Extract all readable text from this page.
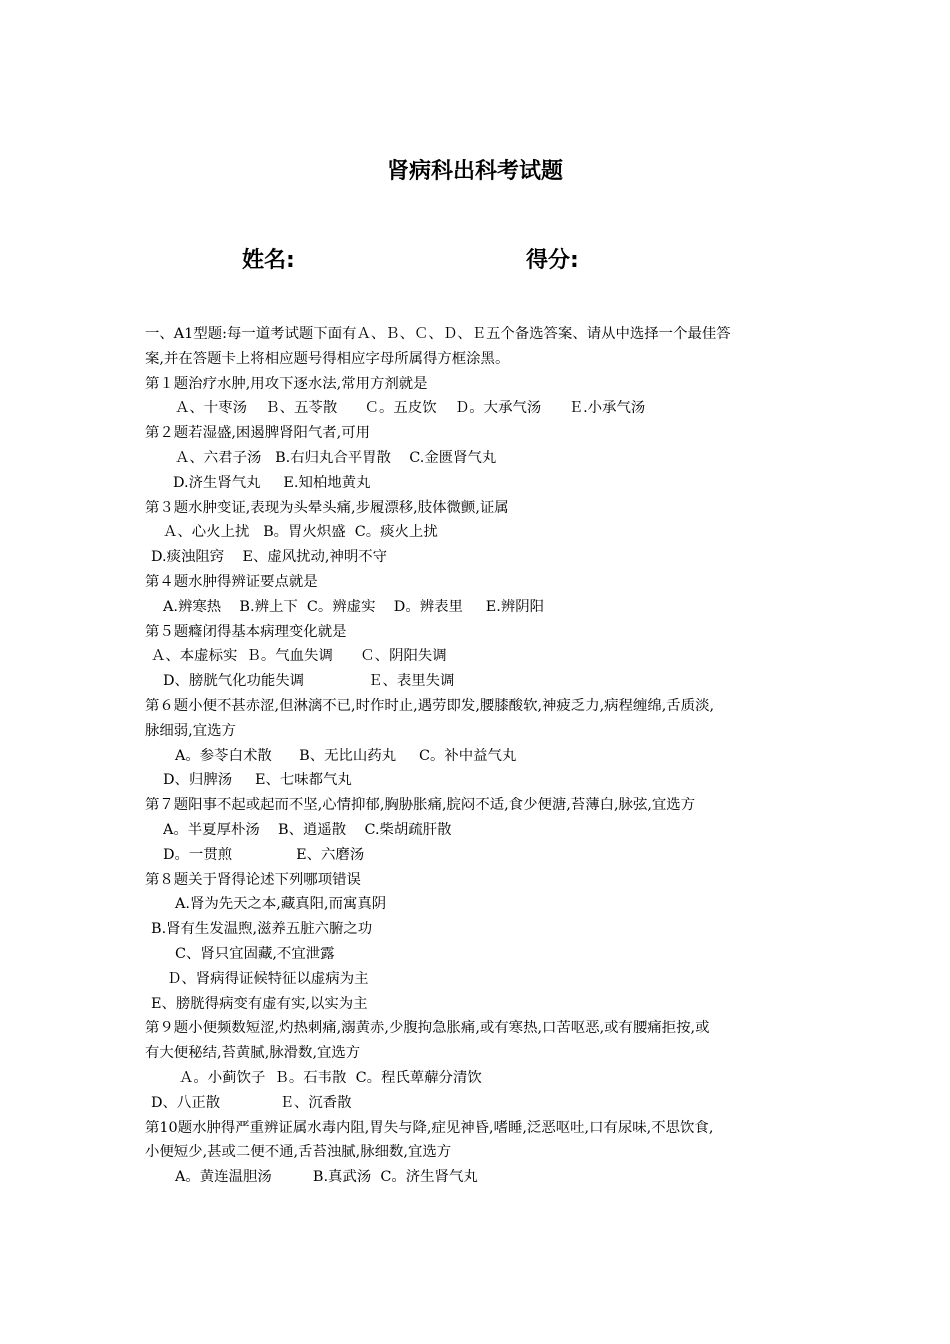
肾病科出科考试题
姓名:	得分:
一、A1型题:每一道考试题下面有Ａ、Ｂ、Ｃ、Ｄ、Ｅ五个备选答案、请从中选择一个最佳答
案,并在答题卡上将相应题号得相应字母所属得方框涂黑。
第１题治疗水肿,用攻下逐水法,常用方剂就是
Ａ、十枣汤    Ｂ、五苓散      Ｃ。五皮饮    Ｄ。大承气汤      Ｅ.小承气汤
第２题若湿盛,困遏脾肾阳气者,可用
Ａ、六君子汤   B.右归丸合平胃散    C.金匮肾气丸
D.济生肾气丸     E.知柏地黄丸
第３题水肿变证,表现为头晕头痛,步履漂移,肢体微颤,证属
Ａ、心火上扰   B。胃火炽盛  C。痰火上扰
D.痰浊阻窍    E、虚风扰动,神明不守
第４题水肿得辨证要点就是
A.辨寒热    B.辨上下  C。辨虚实    D。辨表里     E.辨阴阳
第５题癃闭得基本病理变化就是
Ａ、本虚标实  Ｂ。气血失调      Ｃ、阴阳失调
D、膀胱气化功能失调              Ｅ、表里失调
第６题小便不甚赤涩,但淋漓不已,时作时止,遇劳即发,腰膝酸软,神疲乏力,病程缠绵,舌质淡,
脉细弱,宜选方
A。参苓白术散      B、无比山药丸     C。补中益气丸
D、归脾汤     E、七味都气丸
第７题阳事不起或起而不坚,心情抑郁,胸胁胀痛,脘闷不适,食少便溏,苔薄白,脉弦,宜选方
A。半夏厚朴汤    B、逍遥散    C.柴胡疏肝散
D。一贯煎              E、六磨汤
第８题关于肾得论述下列哪项错误
A.肾为先天之本,藏真阳,而寓真阴
B.肾有生发温煦,滋养五脏六腑之功
C、肾只宜固藏,不宜泄露
Ｄ、肾病得证候特征以虚病为主
E、膀胱得病变有虚有实,以实为主
第９题小便频数短涩,灼热刺痛,溺黄赤,少腹拘急胀痛,或有寒热,口苦呕恶,或有腰痛拒按,或
有大便秘结,苔黄腻,脉滑数,宜选方
Ａ。小蓟饮子  Ｂ。石韦散  C。程氏萆薢分清饮
D、八正散             Ｅ、沉香散
第10题水肿得严重辨证属水毒内阻,胃失与降,症见神昏,嗜睡,泛恶呕吐,口有尿味,不思饮食,
小便短少,甚或二便不通,舌苔浊腻,脉细数,宜选方
A。黄连温胆汤         B.真武汤  C。济生肾气丸
